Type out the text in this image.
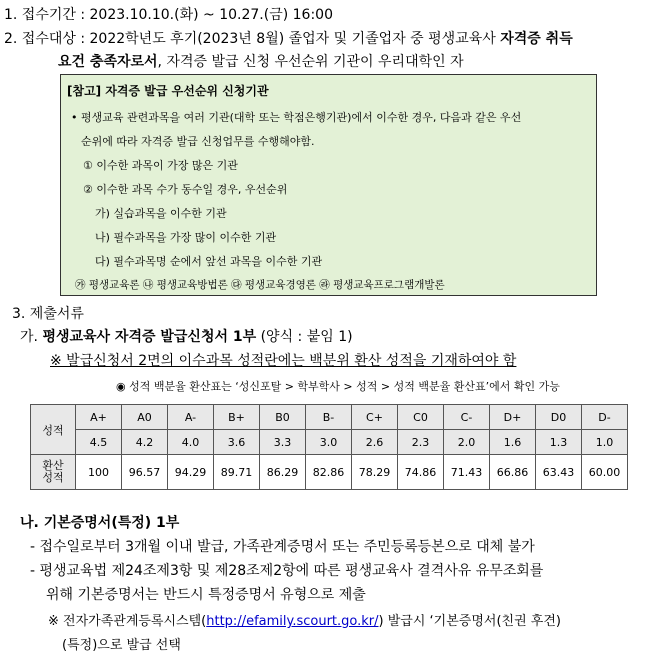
1. 접수기간 : 2023.10.10.(화) ~ 10.27.(금) 16:00
2. 접수대상 : 2022학년도 후기(2023년 8월) 졸업자 및 기졸업자 중 평생교육사 자격증 취득
요건 충족자로서, 자격증 발급 신청 우선순위 기관이 우리대학인 자
[참고] 자격증 발급 우선순위 신청기관
• 평생교육 관련과목을 여러 기관(대학 또는 학점은행기관)에서 이수한 경우, 다음과 같은 우선
순위에 따라 자격증 발급 신청업무를 수행해야함.
① 이수한 과목이 가장 많은 기관
② 이수한 과목 수가 동수일 경우, 우선순위
가) 실습과목을 이수한 기관
나) 필수과목을 가장 많이 이수한 기관
다) 필수과목명 순에서 앞선 과목을 이수한 기관
㉮ 평생교육론 ㉯ 평생교육방법론 ㉰ 평생교육경영론 ㉱ 평생교육프로그램개발론
3. 제출서류
가. 평생교육사 자격증 발급신청서 1부 (양식 : 붙임 1)
※ 발급신청서 2면의 이수과목 성적란에는 백분위 환산 성적을 기재하여야 함
◉ 성적 백분율 환산표는 ‘성신포탈 > 학부학사 > 성적 > 성적 백분율 환산표’에서 확인 가능
성적	A+	A0	A-	B+	B0	B-	C+	C0	C-	D+	D0	D-
	4.5	4.2	4.0	3.6	3.3	3.0	2.6	2.3	2.0	1.6	1.3	1.0
환산
성적	100	96.57	94.29	89.71	86.29	82.86	78.29	74.86	71.43	66.86	63.43	60.00
나. 기본증명서(특정) 1부
- 접수일로부터 3개월 이내 발급, 가족관계증명서 또는 주민등록등본으로 대체 불가
- 평생교육법 제24조제3항 및 제28조제2항에 따른 평생교육사 결격사유 유무조회를
위해 기본증명서는 반드시 특정증명서 유형으로 제출
※ 전자가족관계등록시스템(http://efamily.scourt.go.kr/) 발급시 ‘기본증명서(친권 후견)
(특정)으로 발급 선택
